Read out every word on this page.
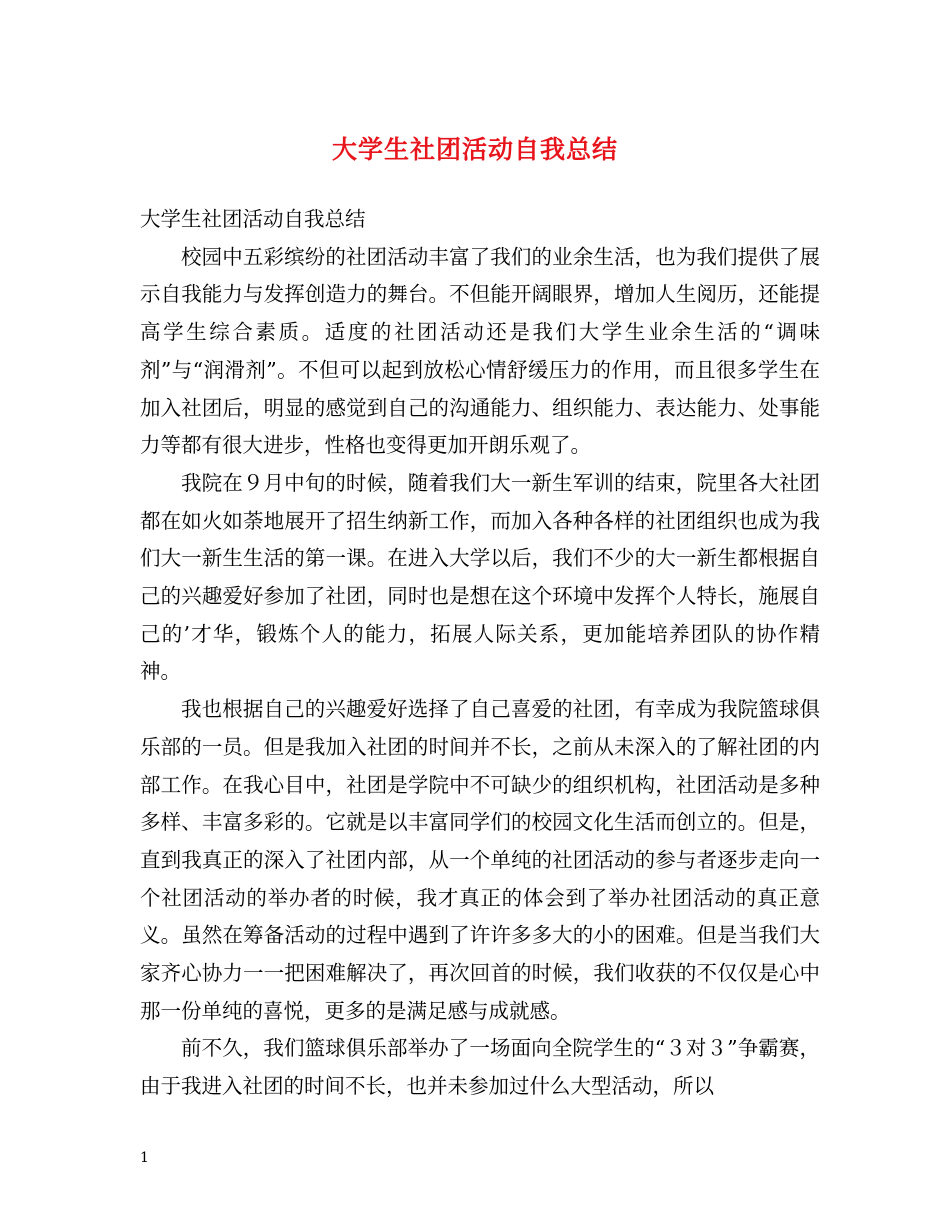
大学生社团活动自我总结

大学生社团活动自我总结

校园中五彩缤纷的社团活动丰富了我们的业余生活，也为我们提供了展示自我能力与发挥创造力的舞台。不但能开阔眼界，增加人生阅历，还能提高学生综合素质。适度的社团活动还是我们大学生业余生活的“调味剂”与“润滑剂”。不但可以起到放松心情舒缓压力的作用，而且很多学生在加入社团后，明显的感觉到自己的沟通能力、组织能力、表达能力、处事能力等都有很大进步，性格也变得更加开朗乐观了。

我院在９月中旬的时候，随着我们大一新生军训的结束，院里各大社团都在如火如荼地展开了招生纳新工作，而加入各种各样的社团组织也成为我们大一新生生活的第一课。在进入大学以后，我们不少的大一新生都根据自己的兴趣爱好参加了社团，同时也是想在这个环境中发挥个人特长，施展自己的’才华，锻炼个人的能力，拓展人际关系，更加能培养团队的协作精神。

我也根据自己的兴趣爱好选择了自己喜爱的社团，有幸成为我院篮球俱乐部的一员。但是我加入社团的时间并不长，之前从未深入的了解社团的内部工作。在我心目中，社团是学院中不可缺少的组织机构，社团活动是多种多样、丰富多彩的。它就是以丰富同学们的校园文化生活而创立的。但是，直到我真正的深入了社团内部，从一个单纯的社团活动的参与者逐步走向一个社团活动的举办者的时候，我才真正的体会到了举办社团活动的真正意义。虽然在筹备活动的过程中遇到了许许多多大的小的困难。但是当我们大家齐心协力一一把困难解决了，再次回首的时候，我们收获的不仅仅是心中那一份单纯的喜悦，更多的是满足感与成就感。

前不久，我们篮球俱乐部举办了一场面向全院学生的“３对３”争霸赛，由于我进入社团的时间不长，也并未参加过什么大型活动，所以

1
